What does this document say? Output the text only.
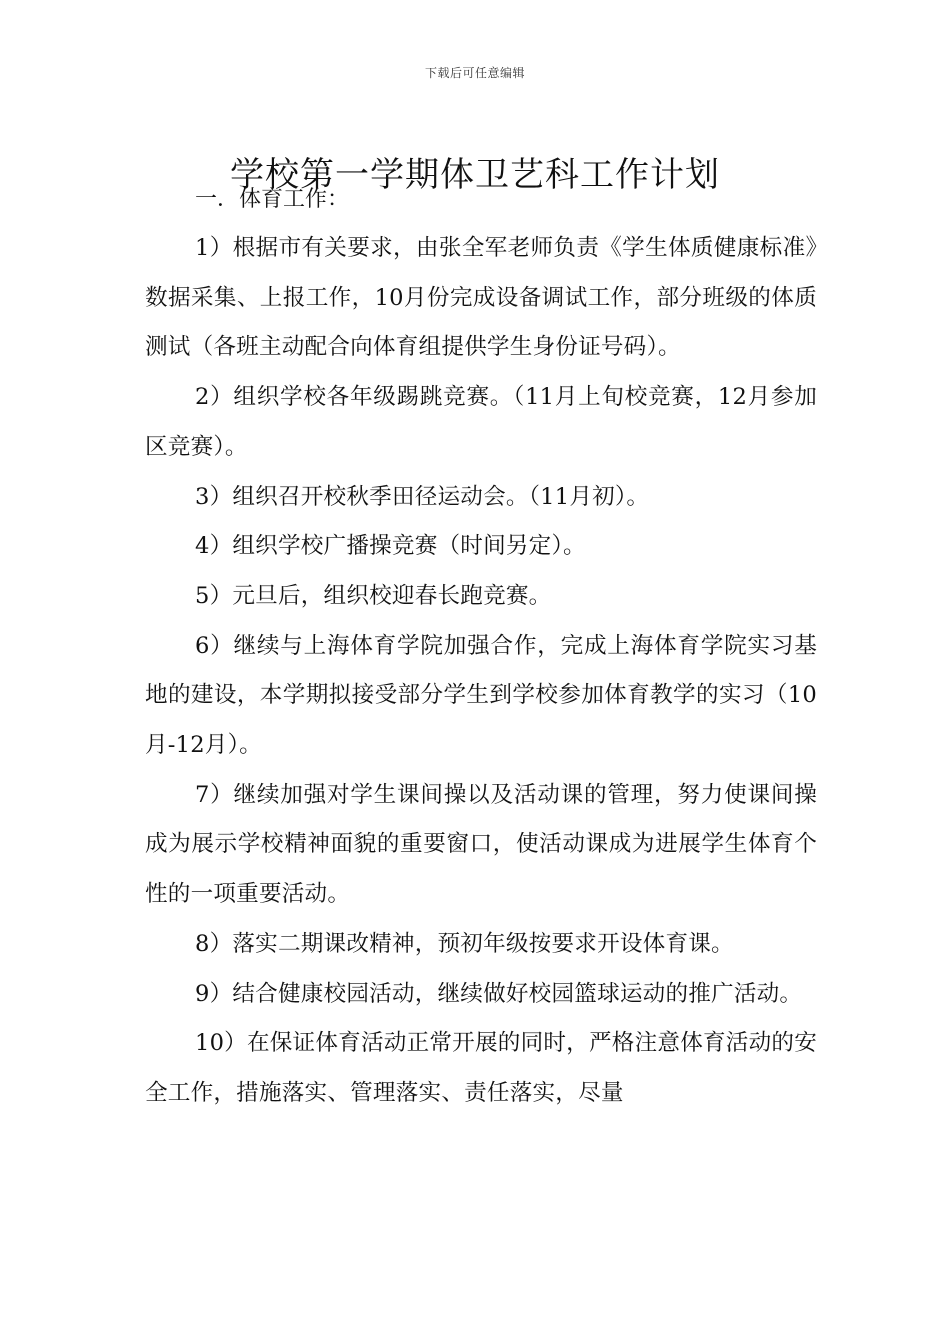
下载后可任意编辑
学校第一学期体卫艺科工作计划

一．体育工作：

1）根据市有关要求，由张全军老师负责《学生体质健康标准》数据采集、上报工作，10月份完成设备调试工作，部分班级的体质测试（各班主动配合向体育组提供学生身份证号码）。

2）组织学校各年级踢跳竞赛。（11月上旬校竞赛，12月参加区竞赛）。

3）组织召开校秋季田径运动会。（11月初）。

4）组织学校广播操竞赛（时间另定）。

5）元旦后，组织校迎春长跑竞赛。

6）继续与上海体育学院加强合作，完成上海体育学院实习基地的建设，本学期拟接受部分学生到学校参加体育教学的实习（10月-12月）。

7）继续加强对学生课间操以及活动课的管理，努力使课间操成为展示学校精神面貌的重要窗口，使活动课成为进展学生体育个性的一项重要活动。

8）落实二期课改精神，预初年级按要求开设体育课。

9）结合健康校园活动，继续做好校园篮球运动的推广活动。

10）在保证体育活动正常开展的同时，严格注意体育活动的安全工作，措施落实、管理落实、责任落实，尽量
